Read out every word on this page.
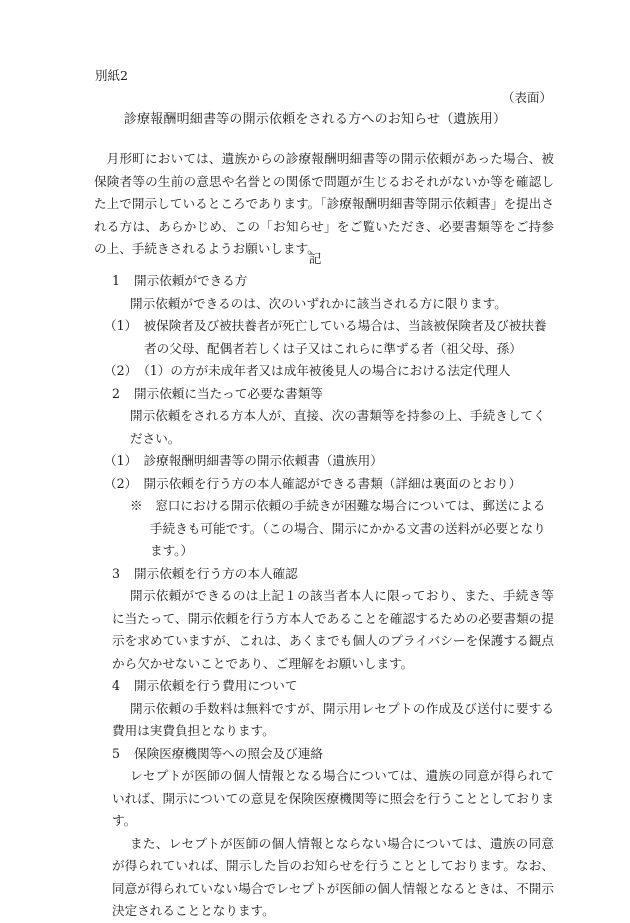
別紙2
（表面）
診療報酬明細書等の開示依頼をされる方へのお知らせ（遺族用）

月形町においては、遺族からの診療報酬明細書等の開示依頼があった場合、被保険者等の生前の意思や名誉との関係で問題が生じるおそれがないか等を確認した上で開示しているところであります。「診療報酬明細書等開示依頼書」を提出される方は、あらかじめ、この「お知らせ」をご覧いただき、必要書類等をご持参の上、手続きされるようお願いします。

記

1 開示依頼ができる方

開示依頼ができるのは、次のいずれかに該当される方に限ります。

（1）　 被保険者及び被扶養者が死亡している場合は、当該被保険者及び被扶養者の父母、配偶者若しくは子又はこれらに準ずる者（祖父母、孫）

（2）　 （1）の方が未成年者又は成年被後見人の場合における法定代理人

2 開示依頼に当たって必要な書類等

開示依頼をされる方本人が、直接、次の書類等を持参の上、手続きしてください。

（1）　 診療報酬明細書等の開示依頼書（遺族用）

（2）　 開示依頼を行う方の本人確認ができる書類（詳細は裏面のとおり）

※　 窓口における開示依頼の手続きが困難な場合については、郵送による手続きも可能です。（この場合、開示にかかる文書の送料が必要となります。）

3 開示依頼を行う方の本人確認

開示依頼ができるのは上記１の該当者本人に限っており、また、手続き等に当たって、開示依頼を行う方本人であることを確認するための必要書類の提示を求めていますが、これは、あくまでも個人のプライバシーを保護する観点から欠かせないことであり、ご理解をお願いします。

4 開示依頼を行う費用について

開示依頼の手数料は無料ですが、開示用レセプトの作成及び送付に要する費用は実費負担となります。

5 保険医療機関等への照会及び連絡

レセプトが医師の個人情報となる場合については、遺族の同意が得られていれば、開示についての意見を保険医療機関等に照会を行うこととしております。

また、レセプトが医師の個人情報とならない場合については、遺族の同意が得られていれば、開示した旨のお知らせを行うこととしております。なお、同意が得られていない場合でレセプトが医師の個人情報となるときは、不開示決定されることとなります。
